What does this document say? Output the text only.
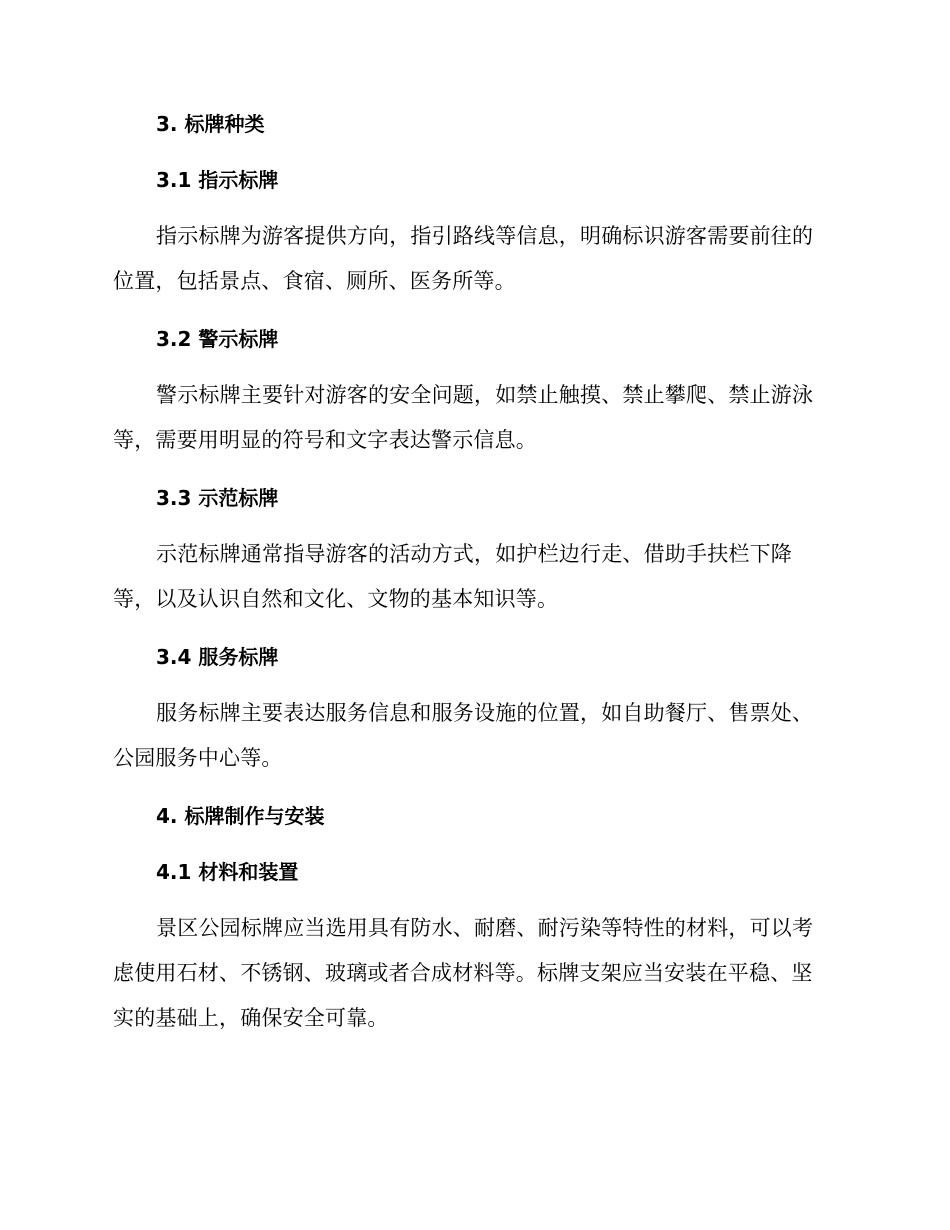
3. 标牌种类
3.1 指示标牌
指示标牌为游客提供方向，指引路线等信息，明确标识游客需要前往的
位置，包括景点、食宿、厕所、医务所等。
3.2 警示标牌
警示标牌主要针对游客的安全问题，如禁止触摸、禁止攀爬、禁止游泳
等，需要用明显的符号和文字表达警示信息。
3.3 示范标牌
示范标牌通常指导游客的活动方式，如护栏边行走、借助手扶栏下降
等，以及认识自然和文化、文物的基本知识等。
3.4 服务标牌
服务标牌主要表达服务信息和服务设施的位置，如自助餐厅、售票处、
公园服务中心等。
4. 标牌制作与安装
4.1 材料和装置
景区公园标牌应当选用具有防水、耐磨、耐污染等特性的材料，可以考
虑使用石材、不锈钢、玻璃或者合成材料等。标牌支架应当安装在平稳、坚
实的基础上，确保安全可靠。
